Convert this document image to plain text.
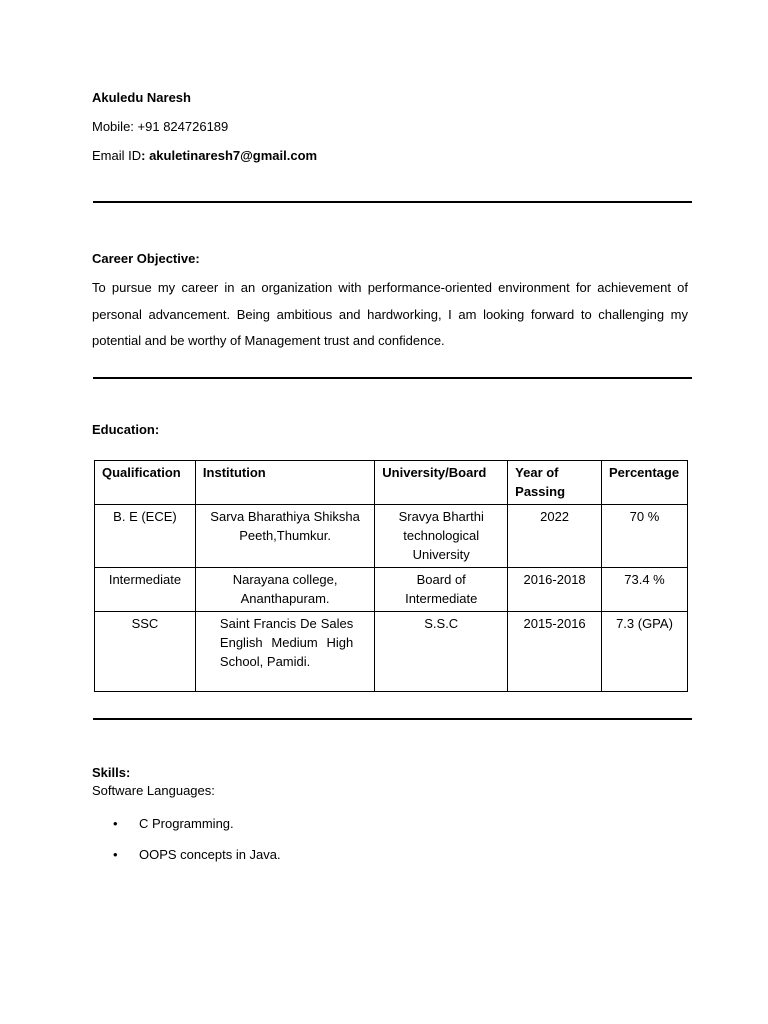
Akuledu Naresh
Mobile: +91 824726189
Email ID: akuletinaresh7@gmail.com
Career Objective:
To pursue my career in an organization with performance-oriented environment for achievement of personal advancement. Being ambitious and hardworking, I am looking forward to challenging my potential and be worthy of Management trust and confidence.
Education:
Qualification	Institution	University/Board	Year of Passing	Percentage
B. E (ECE)	Sarva Bharathiya Shiksha Peeth,Thumkur.	Sravya Bharthi technological University	2022	70 %
Intermediate	Narayana college, Ananthapuram.	Board of Intermediate	2016-2018	73.4 %
SSC	Saint Francis De Sales English Medium High School, Pamidi.	S.S.C	2015-2016	7.3 (GPA)
Skills:
Software Languages:
•	C Programming.
•	OOPS concepts in Java.
